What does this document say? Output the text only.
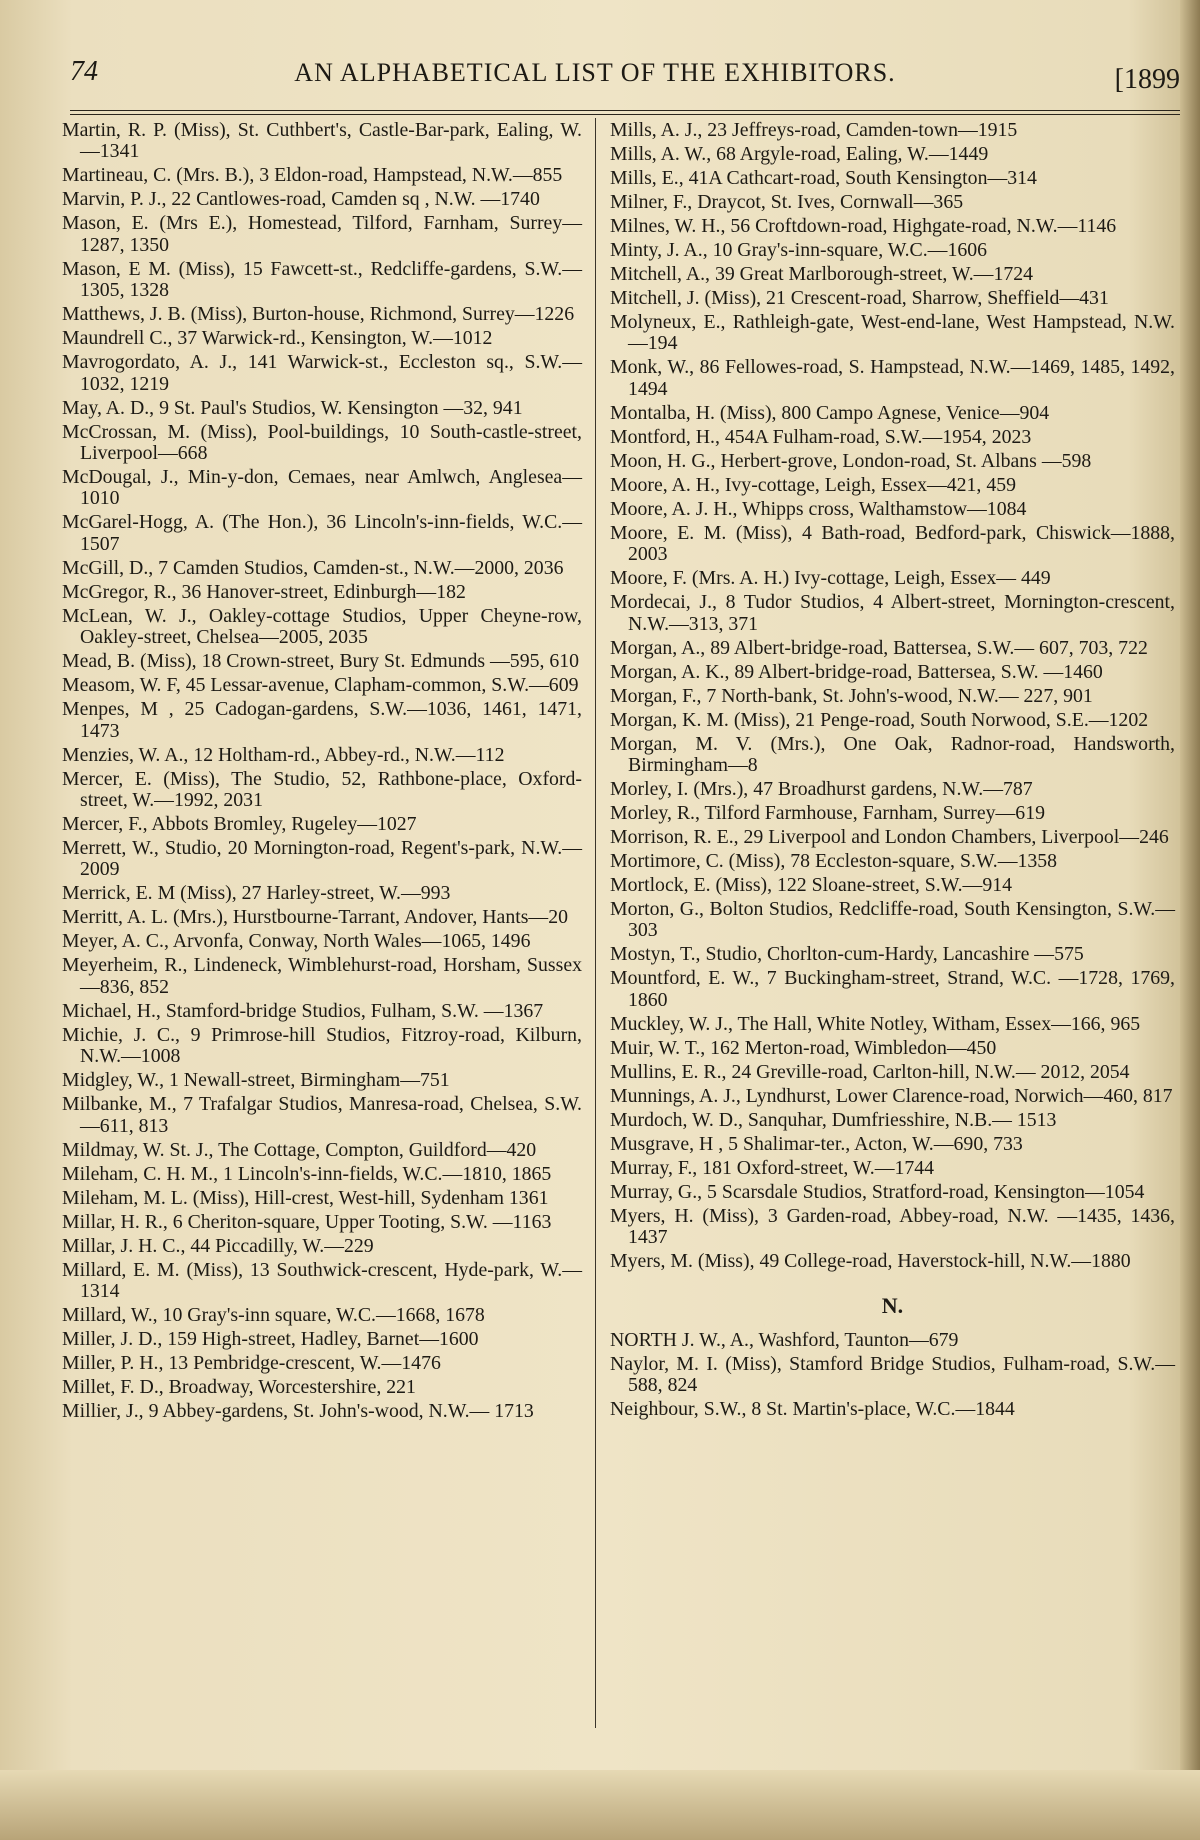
74	AN ALPHABETICAL LIST OF THE EXHIBITORS.	[1899
Martin, R. P. (Miss), St. Cuthbert's, Castle-Bar-park, Ealing, W.—1341
Martineau, C. (Mrs. B.), 3 Eldon-road, Hampstead, N.W.—855
Marvin, P. J., 22 Cantlowes-road, Camden sq , N.W. —1740
Mason, E. (Mrs E.), Homestead, Tilford, Farnham, Surrey—1287, 1350
Mason, E M. (Miss), 15 Fawcett-st., Redcliffe-gardens, S.W.—1305, 1328
Matthews, J. B. (Miss), Burton-house, Richmond, Surrey—1226
Maundrell C., 37 Warwick-rd., Kensington, W.—1012
Mavrogordato, A. J., 141 Warwick-st., Eccleston sq., S.W.—1032, 1219
May, A. D., 9 St. Paul's Studios, W. Kensington —32, 941
McCrossan, M. (Miss), Pool-buildings, 10 South-castle-street, Liverpool—668
McDougal, J., Min-y-don, Cemaes, near Amlwch, Anglesea—1010
McGarel-Hogg, A. (The Hon.), 36 Lincoln's-inn-fields, W.C.—1507
McGill, D., 7 Camden Studios, Camden-st., N.W.—2000, 2036
McGregor, R., 36 Hanover-street, Edinburgh—182
McLean, W. J., Oakley-cottage Studios, Upper Cheyne-row, Oakley-street, Chelsea—2005, 2035
Mead, B. (Miss), 18 Crown-street, Bury St. Edmunds —595, 610
Measom, W. F, 45 Lessar-avenue, Clapham-common, S.W.—609
Menpes, M , 25 Cadogan-gardens, S.W.—1036, 1461, 1471, 1473
Menzies, W. A., 12 Holtham-rd., Abbey-rd., N.W.—112
Mercer, E. (Miss), The Studio, 52, Rathbone-place, Oxford-street, W.—1992, 2031
Mercer, F., Abbots Bromley, Rugeley—1027
Merrett, W., Studio, 20 Mornington-road, Regent's-park, N.W.—2009
Merrick, E. M (Miss), 27 Harley-street, W.—993
Merritt, A. L. (Mrs.), Hurstbourne-Tarrant, Andover, Hants—20
Meyer, A. C., Arvonfa, Conway, North Wales—1065, 1496
Meyerheim, R., Lindeneck, Wimblehurst-road, Horsham, Sussex—836, 852
Michael, H., Stamford-bridge Studios, Fulham, S.W. —1367
Michie, J. C., 9 Primrose-hill Studios, Fitzroy-road, Kilburn, N.W.—1008
Midgley, W., 1 Newall-street, Birmingham—751
Milbanke, M., 7 Trafalgar Studios, Manresa-road, Chelsea, S.W.—611, 813
Mildmay, W. St. J., The Cottage, Compton, Guildford—420
Mileham, C. H. M., 1 Lincoln's-inn-fields, W.C.—1810, 1865
Mileham, M. L. (Miss), Hill-crest, West-hill, Sydenham 1361
Millar, H. R., 6 Cheriton-square, Upper Tooting, S.W. —1163
Millar, J. H. C., 44 Piccadilly, W.—229
Millard, E. M. (Miss), 13 Southwick-crescent, Hyde-park, W.—1314
Millard, W., 10 Gray's-inn square, W.C.—1668, 1678
Miller, J. D., 159 High-street, Hadley, Barnet—1600
Miller, P. H., 13 Pembridge-crescent, W.—1476
Millet, F. D., Broadway, Worcestershire, 221
Millier, J., 9 Abbey-gardens, St. John's-wood, N.W.— 1713
Mills, A. J., 23 Jeffreys-road, Camden-town—1915
Mills, A. W., 68 Argyle-road, Ealing, W.—1449
Mills, E., 41A Cathcart-road, South Kensington—314
Milner, F., Draycot, St. Ives, Cornwall—365
Milnes, W. H., 56 Croftdown-road, Highgate-road, N.W.—1146
Minty, J. A., 10 Gray's-inn-square, W.C.—1606
Mitchell, A., 39 Great Marlborough-street, W.—1724
Mitchell, J. (Miss), 21 Crescent-road, Sharrow, Sheffield—431
Molyneux, E., Rathleigh-gate, West-end-lane, West Hampstead, N.W.—194
Monk, W., 86 Fellowes-road, S. Hampstead, N.W.—1469, 1485, 1492, 1494
Montalba, H. (Miss), 800 Campo Agnese, Venice—904
Montford, H., 454A Fulham-road, S.W.—1954, 2023
Moon, H. G., Herbert-grove, London-road, St. Albans —598
Moore, A. H., Ivy-cottage, Leigh, Essex—421, 459
Moore, A. J. H., Whipps cross, Walthamstow—1084
Moore, E. M. (Miss), 4 Bath-road, Bedford-park, Chiswick—1888, 2003
Moore, F. (Mrs. A. H.) Ivy-cottage, Leigh, Essex— 449
Mordecai, J., 8 Tudor Studios, 4 Albert-street, Mornington-crescent, N.W.—313, 371
Morgan, A., 89 Albert-bridge-road, Battersea, S.W.— 607, 703, 722
Morgan, A. K., 89 Albert-bridge-road, Battersea, S.W. —1460
Morgan, F., 7 North-bank, St. John's-wood, N.W.— 227, 901
Morgan, K. M. (Miss), 21 Penge-road, South Norwood, S.E.—1202
Morgan, M. V. (Mrs.), One Oak, Radnor-road, Handsworth, Birmingham—8
Morley, I. (Mrs.), 47 Broadhurst gardens, N.W.—787
Morley, R., Tilford Farmhouse, Farnham, Surrey—619
Morrison, R. E., 29 Liverpool and London Chambers, Liverpool—246
Mortimore, C. (Miss), 78 Eccleston-square, S.W.—1358
Mortlock, E. (Miss), 122 Sloane-street, S.W.—914
Morton, G., Bolton Studios, Redcliffe-road, South Kensington, S.W.—303
Mostyn, T., Studio, Chorlton-cum-Hardy, Lancashire —575
Mountford, E. W., 7 Buckingham-street, Strand, W.C. —1728, 1769, 1860
Muckley, W. J., The Hall, White Notley, Witham, Essex—166, 965
Muir, W. T., 162 Merton-road, Wimbledon—450
Mullins, E. R., 24 Greville-road, Carlton-hill, N.W.— 2012, 2054
Munnings, A. J., Lyndhurst, Lower Clarence-road, Norwich—460, 817
Murdoch, W. D., Sanquhar, Dumfriesshire, N.B.— 1513
Musgrave, H , 5 Shalimar-ter., Acton, W.—690, 733
Murray, F., 181 Oxford-street, W.—1744
Murray, G., 5 Scarsdale Studios, Stratford-road, Kensington—1054
Myers, H. (Miss), 3 Garden-road, Abbey-road, N.W. —1435, 1436, 1437
Myers, M. (Miss), 49 College-road, Haverstock-hill, N.W.—1880
N.
NORTH J. W., A., Washford, Taunton—679
Naylor, M. I. (Miss), Stamford Bridge Studios, Fulham-road, S.W.—588, 824
Neighbour, S.W., 8 St. Martin's-place, W.C.—1844
